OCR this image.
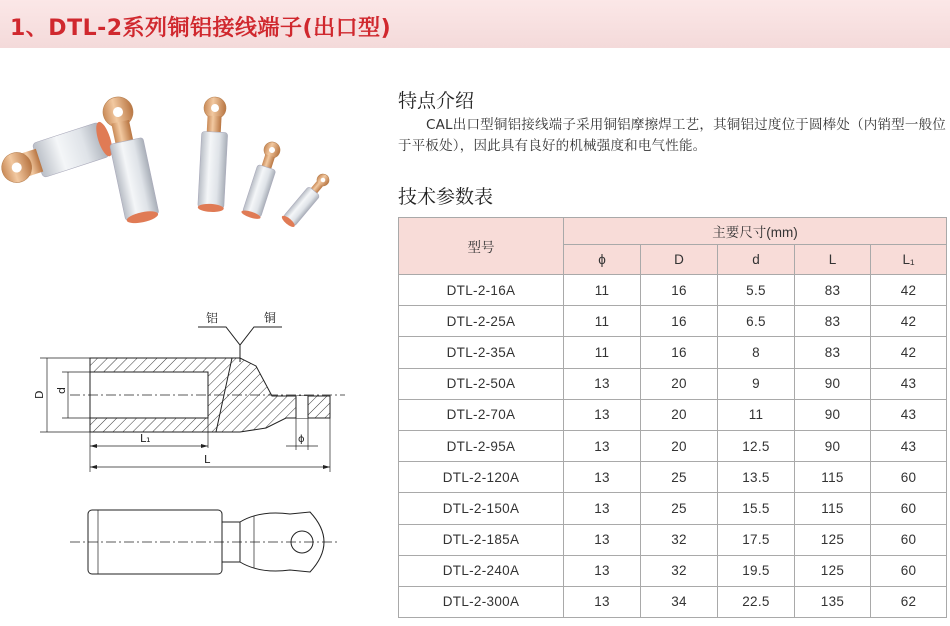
1、DTL-2系列铜铝接线端子(出口型)
铝	铜
D
d
L₁	ϕ
L
特点介绍

CAL出口型铜铝接线端子采用铜铝摩擦焊工艺，其铜铝过度位于圆棒处（内销型一般位于平板处），因此具有良好的机械强度和电气性能。

技术参数表
型号	主要尺寸(mm)				
	ϕ	D	d	L	L₁
DTL-2-16A	11	16	5.5	83	42
DTL-2-25A	11	16	6.5	83	42
DTL-2-35A	11	16	8	83	42
DTL-2-50A	13	20	9	90	43
DTL-2-70A	13	20	11	90	43
DTL-2-95A	13	20	12.5	90	43
DTL-2-120A	13	25	13.5	115	60
DTL-2-150A	13	25	15.5	115	60
DTL-2-185A	13	32	17.5	125	60
DTL-2-240A	13	32	19.5	125	60
DTL-2-300A	13	34	22.5	135	62
